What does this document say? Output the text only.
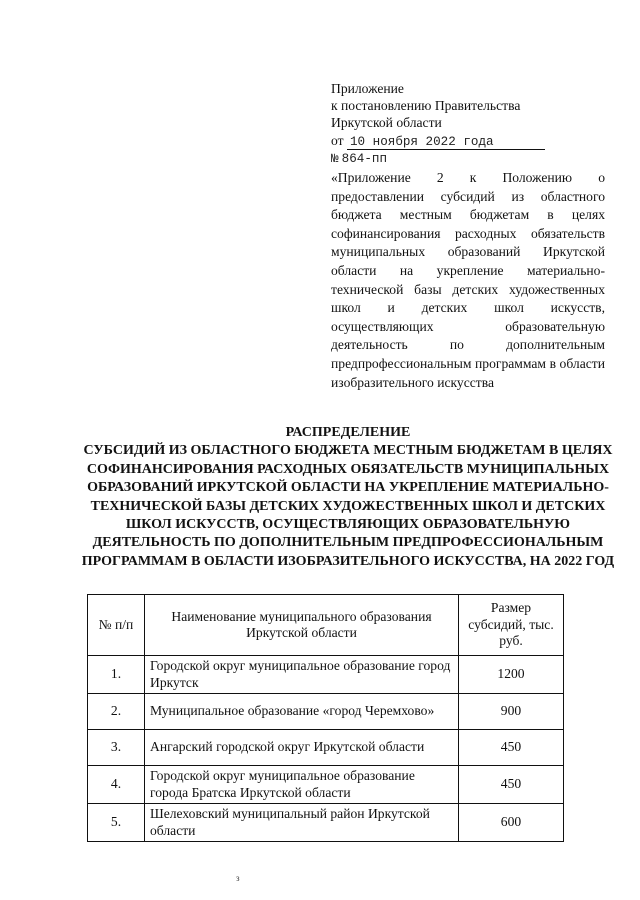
Приложение
к постановлению Правительства
Иркутской области
от 10 ноября 2022 года
№ 864-пп

«Приложение 2 к Положению о предоставлении субсидий из областного бюджета местным бюджетам в целях софинансирования расходных обязательств муниципальных образований Иркутской области на укрепление материально-технической базы детских художественных школ и детских школ искусств, осуществляющих образовательную деятельность по дополнительным предпрофессиональным программам в области изобразительного искусства

РАСПРЕДЕЛЕНИЕ
СУБСИДИЙ ИЗ ОБЛАСТНОГО БЮДЖЕТА МЕСТНЫМ БЮДЖЕТАМ В ЦЕЛЯХ СОФИНАНСИРОВАНИЯ РАСХОДНЫХ ОБЯЗАТЕЛЬСТВ МУНИЦИПАЛЬНЫХ ОБРАЗОВАНИЙ ИРКУТСКОЙ ОБЛАСТИ НА УКРЕПЛЕНИЕ МАТЕРИАЛЬНО-ТЕХНИЧЕСКОЙ БАЗЫ ДЕТСКИХ ХУДОЖЕСТВЕННЫХ ШКОЛ И ДЕТСКИХ ШКОЛ ИСКУССТВ, ОСУЩЕСТВЛЯЮЩИХ ОБРАЗОВАТЕЛЬНУЮ ДЕЯТЕЛЬНОСТЬ ПО ДОПОЛНИТЕЛЬНЫМ ПРЕДПРОФЕССИОНАЛЬНЫМ ПРОГРАММАМ В ОБЛАСТИ ИЗОБРАЗИТЕЛЬНОГО ИСКУССТВА, НА 2022 ГОД
№ п/п	Наименование муниципального образования Иркутской области	Размер субсидий, тыс. руб.
1.	Городской округ муниципальное образование город Иркутск	1200
2.	Муниципальное образование «город Черемхово»	900
3.	Ангарский городской округ Иркутской области	450
4.	Городской округ муниципальное образование города Братска Иркутской области	450
5.	Шелеховский муниципальный район Иркутской области	600
з
